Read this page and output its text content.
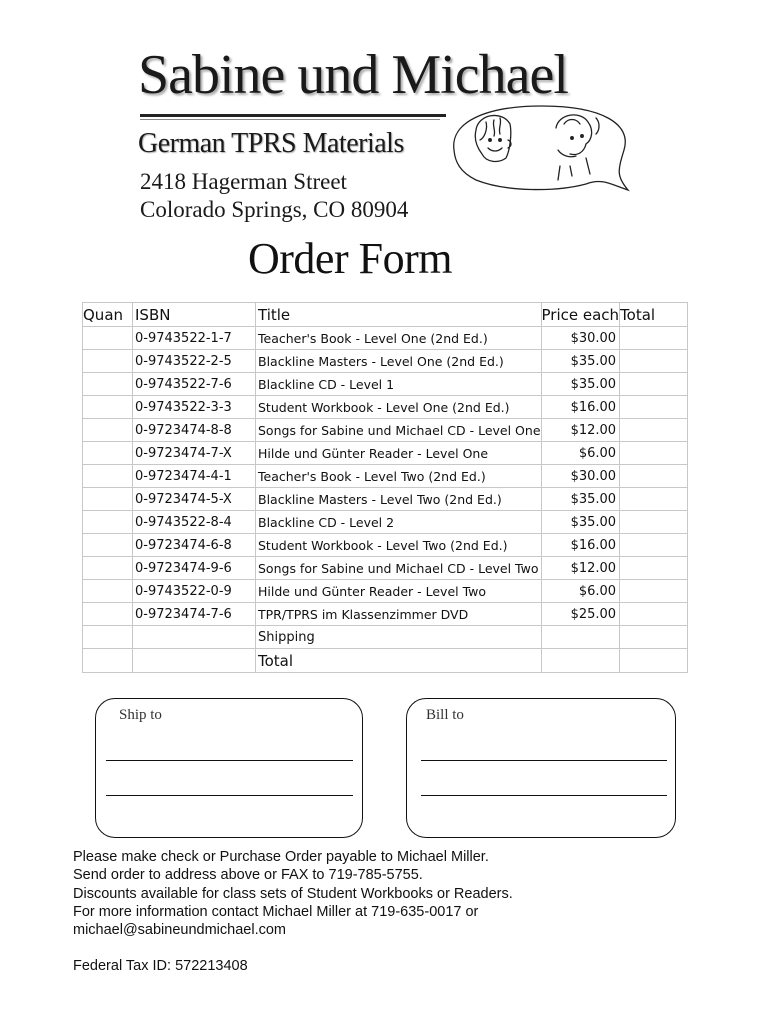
Sabine und Michael
German TPRS Materials
2418 Hagerman Street
Colorado Springs, CO 80904
Order Form
Quan	ISBN	Title	Price each	Total
	0-9743522-1-7	Teacher's Book - Level One (2nd Ed.)	$30.00	
	0-9743522-2-5	Blackline Masters - Level One (2nd Ed.)	$35.00	
	0-9743522-7-6	Blackline CD - Level 1	$35.00	
	0-9743522-3-3	Student Workbook - Level One (2nd Ed.)	$16.00	
	0-9723474-8-8	Songs for Sabine und Michael CD - Level One	$12.00	
	0-9723474-7-X	Hilde und Günter Reader - Level One	$6.00	
	0-9723474-4-1	Teacher's Book - Level Two (2nd Ed.)	$30.00	
	0-9723474-5-X	Blackline Masters - Level Two (2nd Ed.)	$35.00	
	0-9743522-8-4	Blackline CD - Level 2	$35.00	
	0-9723474-6-8	Student Workbook - Level Two (2nd Ed.)	$16.00	
	0-9723474-9-6	Songs for Sabine und Michael CD - Level Two	$12.00	
	0-9743522-0-9	Hilde und Günter Reader - Level Two	$6.00	
	0-9723474-7-6	TPR/TPRS im Klassenzimmer DVD	$25.00	
		Shipping		
		Total		
Ship to	Bill to
Please make check or Purchase Order payable to Michael Miller.
Send order to address above or FAX to 719-785-5755.
Discounts available for class sets of Student Workbooks or Readers.
For more information contact Michael Miller at 719-635-0017 or
michael@sabineundmichael.com
Federal Tax ID: 572213408
